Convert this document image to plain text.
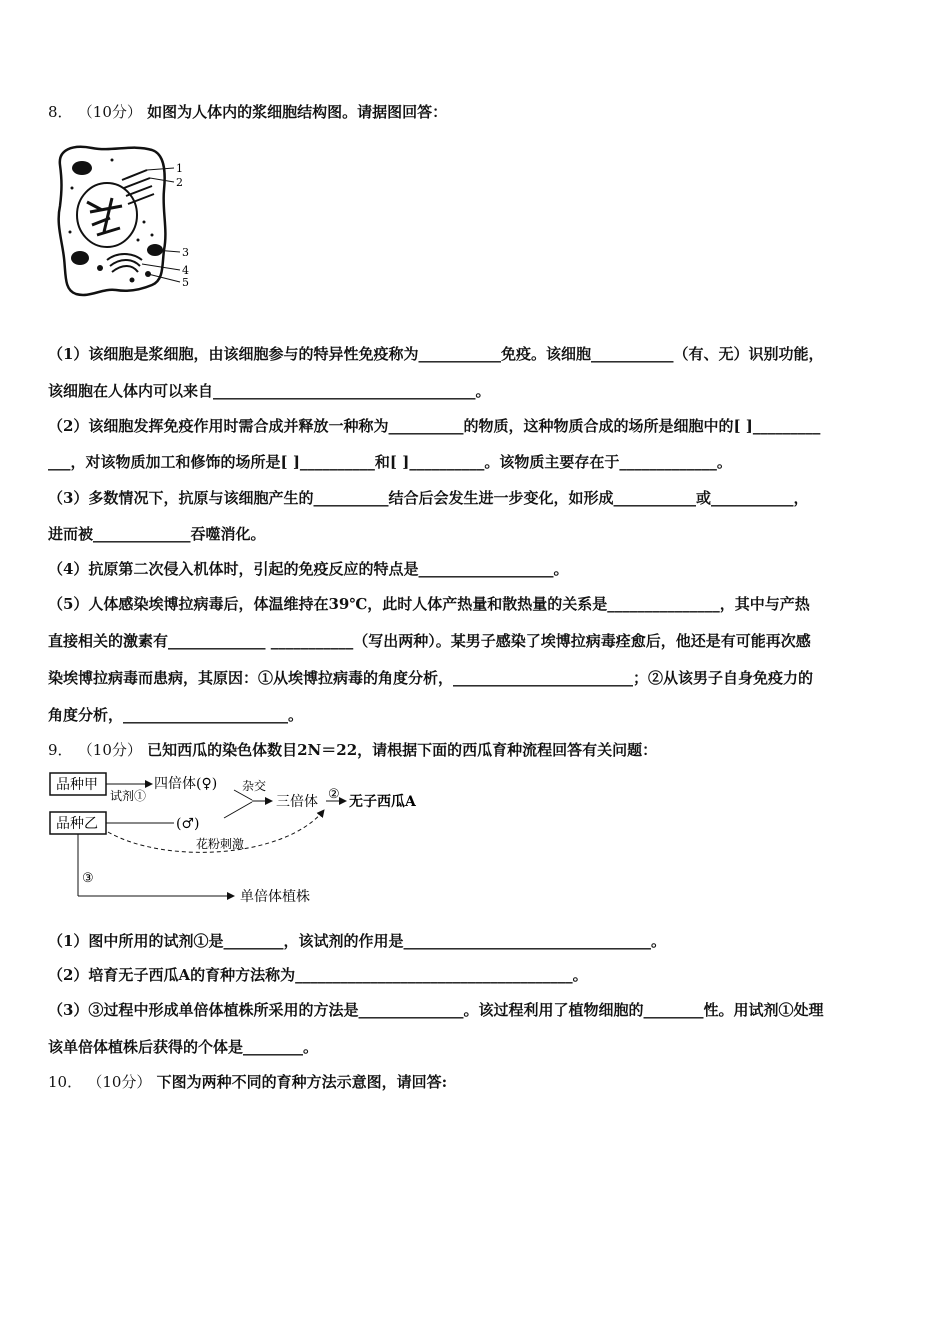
8． （10分） 如图为人体内的浆细胞结构图。请据图回答：
1
2
3
4
5
（1）该细胞是浆细胞，由该细胞参与的特异性免疫称为___________免疫。该细胞___________（有、无）识别功能，
该细胞在人体内可以来自___________________________________。
（2）该细胞发挥免疫作用时需合成并释放一种称为__________的物质，这种物质合成的场所是细胞中的[ ]_________
___，对该物质加工和修饰的场所是[ ]__________和[ ]__________。该物质主要存在于_____________。
（3）多数情况下，抗原与该细胞产生的__________结合后会发生进一步变化，如形成___________或___________，
进而被_____________吞噬消化。
（4）抗原第二次侵入机体时，引起的免疫反应的特点是__________________。
（5）人体感染埃博拉病毒后，体温维持在39℃，此时人体产热量和散热量的关系是_______________，其中与产热
直接相关的激素有_____________ ___________（写出两种）。某男子感染了埃博拉病毒痊愈后，他还是有可能再次感
染埃博拉病毒而患病，其原因：①从埃博拉病毒的角度分析，________________________；②从该男子自身免疫力的
角度分析，______________________。
9． （10分） 已知西瓜的染色体数目2N＝22，请根据下面的西瓜育种流程回答有关问题：
品种甲
品种乙
试剂①
四倍体(♀)
(♂)
杂交
三倍体 ② 无子西瓜A
花粉刺激
③
单倍体植株
（1）图中所用的试剂①是________，该试剂的作用是_________________________________。
（2）培育无子西瓜A的育种方法称为_____________________________________。
（3）③过程中形成单倍体植株所采用的方法是______________。该过程利用了植物细胞的________性。用试剂①处理
该单倍体植株后获得的个体是________。
10． （10分） 下图为两种不同的育种方法示意图，请回答:
